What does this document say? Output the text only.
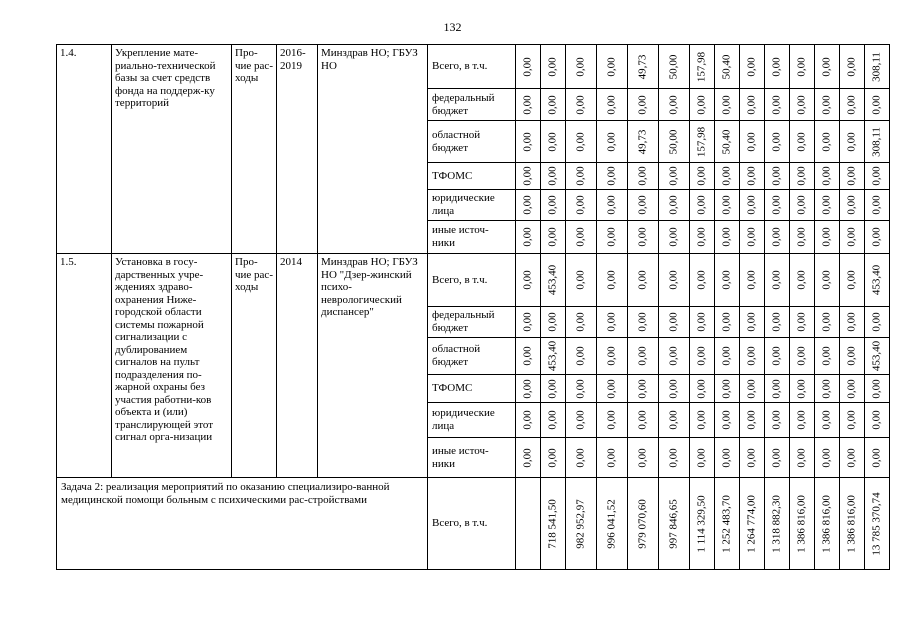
132
1.4.	Укрепление мате-риально-технической базы за счет средств фонда на поддерж-ку территорий	Про-чие рас-ходы	2016-2019	Минздрав НО; ГБУЗ НО	Всего, в т.ч.	0,00	0,00	0,00	0,00	49,73	50,00	157,98	50,40	0,00	0,00	0,00	0,00	0,00	308,11

					федеральный бюджет	0,00	0,00	0,00	0,00	0,00	0,00	0,00	0,00	0,00	0,00	0,00	0,00	0,00	0,00

					областной бюджет	0,00	0,00	0,00	0,00	49,73	50,00	157,98	50,40	0,00	0,00	0,00	0,00	0,00	308,11

					ТФОМС	0,00	0,00	0,00	0,00	0,00	0,00	0,00	0,00	0,00	0,00	0,00	0,00	0,00	0,00

					юридические лица	0,00	0,00	0,00	0,00	0,00	0,00	0,00	0,00	0,00	0,00	0,00	0,00	0,00	0,00

					иные источ-ники	0,00	0,00	0,00	0,00	0,00	0,00	0,00	0,00	0,00	0,00	0,00	0,00	0,00	0,00

1.5.	Установка в госу-дарственных учре-ждениях здраво-охранения Ниже-городской области системы пожарной сигнализации с дублированием сигналов на пульт подразделения по-жарной охраны без участия работни-ков объекта и (или) транслирующей этот сигнал орга-низации	Про-чие рас-ходы	2014	Минздрав НО; ГБУЗ НО "Дзер-жинский психо-неврологический диспансер"	Всего, в т.ч.	0,00	453,40	0,00	0,00	0,00	0,00	0,00	0,00	0,00	0,00	0,00	0,00	0,00	453,40

					федеральный бюджет	0,00	0,00	0,00	0,00	0,00	0,00	0,00	0,00	0,00	0,00	0,00	0,00	0,00	0,00

					областной бюджет	0,00	453,40	0,00	0,00	0,00	0,00	0,00	0,00	0,00	0,00	0,00	0,00	0,00	453,40

					ТФОМС	0,00	0,00	0,00	0,00	0,00	0,00	0,00	0,00	0,00	0,00	0,00	0,00	0,00	0,00

					юридические лица	0,00	0,00	0,00	0,00	0,00	0,00	0,00	0,00	0,00	0,00	0,00	0,00	0,00	0,00

					иные источ-ники	0,00	0,00	0,00	0,00	0,00	0,00	0,00	0,00	0,00	0,00	0,00	0,00	0,00	0,00

Задача 2: реализация мероприятий по оказанию специализиро-ванной медицинской помощи больным с психическими рас-стройствами					Всего, в т.ч.		718 541,50	982 952,97	996 041,52	979 070,60	997 846,65	1 114 329,50	1 252 483,70	1 264 774,00	1 318 882,30	1 386 816,00	1 386 816,00	1 386 816,00	13 785 370,74
